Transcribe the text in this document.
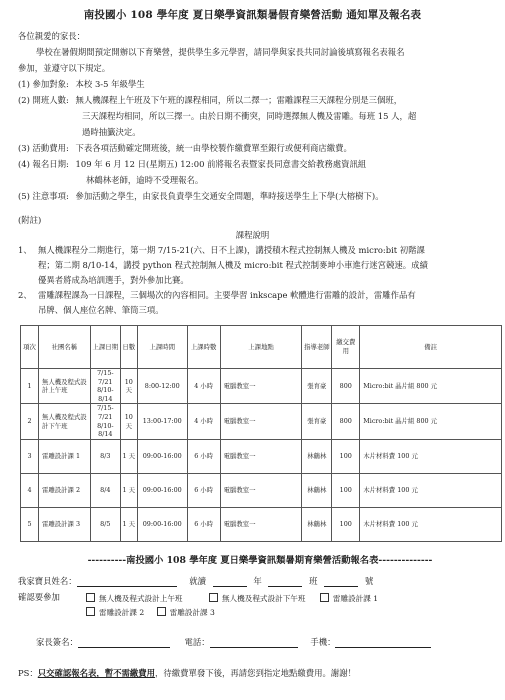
南投國小 108 學年度 夏日樂學資訊類暑假育樂營活動 通知單及報名表
各位親愛的家長：
學校在暑假期間預定開辦以下育樂營，提供學生多元學習，請同學與家長共同討論後填寫報名表報名
參加，並遵守以下規定。
(1) 參加對象: 本校 3-5 年級學生
(2) 開班人數: 無人機課程上午班及下午班的課程相同，所以二擇一；雷雕課程三天課程分別是三個班，
三天課程均相同，所以三擇一。由於日期不衝突，同時選擇無人機及雷雕。每班 15 人，超
過時抽籤決定。
(3) 活動費用: 下表各項活動確定開班後，統一由學校製作繳費單至銀行或便利商店繳費。
(4) 報名日期: 109 年 6 月 12 日(星期五) 12:00 前將報名表暨家長同意書交給教務處資訊組
林鶴林老師，逾時不受理報名。
(5) 注意事項: 參加活動之學生，由家長負責學生交通安全問題，準時接送學生上下學(大榕樹下)。
(附註)
課程說明
1、 無人機課程分二期進行，第一期 7/15-21(六、日不上課)，講授積木程式控制無人機及 micro:bit 初階課
程；第二期 8/10-14，講授 python 程式控制無人機及 micro:bit 程式控制麥坤小車進行迷宮競速。成績
優異者將成為培訓選手，對外參加比賽。
2、 雷雕課程課為一日課程，三個場次的內容相同。主要學習 inkscape 軟體進行雷雕的設計，雷雕作品有
吊牌、個人座位名牌、筆筒三項。
項次	社團名稱	上課日期	日數	上課時間	上課時數	上課地點	指導老師	繳交費用	備註
1	無人機及程式設計上午班	7/15-7/21
8/10-8/14	10天	8:00-12:00	4 小時	電腦教室一	張育豪	800	Micro:bit 晶片組 800 元
2	無人機及程式設計下午班	7/15-7/21
8/10-8/14	10天	13:00-17:00	4 小時	電腦教室一	張育豪	800	Micro:bit 晶片組 800 元
3	雷雕設計課 1	8/3	1 天	09:00-16:00	6 小時	電腦教室一	林鶴林	100	木片材料費 100 元
4	雷雕設計課 2	8/4	1 天	09:00-16:00	6 小時	電腦教室一	林鶴林	100	木片材料費 100 元
5	雷雕設計課 3	8/5	1 天	09:00-16:00	6 小時	電腦教室一	林鶴林	100	木片材料費 100 元
----------南投國小 108 學年度 夏日樂學資訊類暑期育樂營活動報名表--------------
我家寶貝姓名：	就讀	年	班	號
確認要參加	無人機及程式設計上午班	無人機及程式設計下午班	雷雕設計課 1
雷雕設計課 2	雷雕設計課 3
家長簽名：	電話：	手機：
PS：只交確認報名表，暫不需繳費用，待繳費單發下後，再請您到指定地點繳費用。謝謝！
